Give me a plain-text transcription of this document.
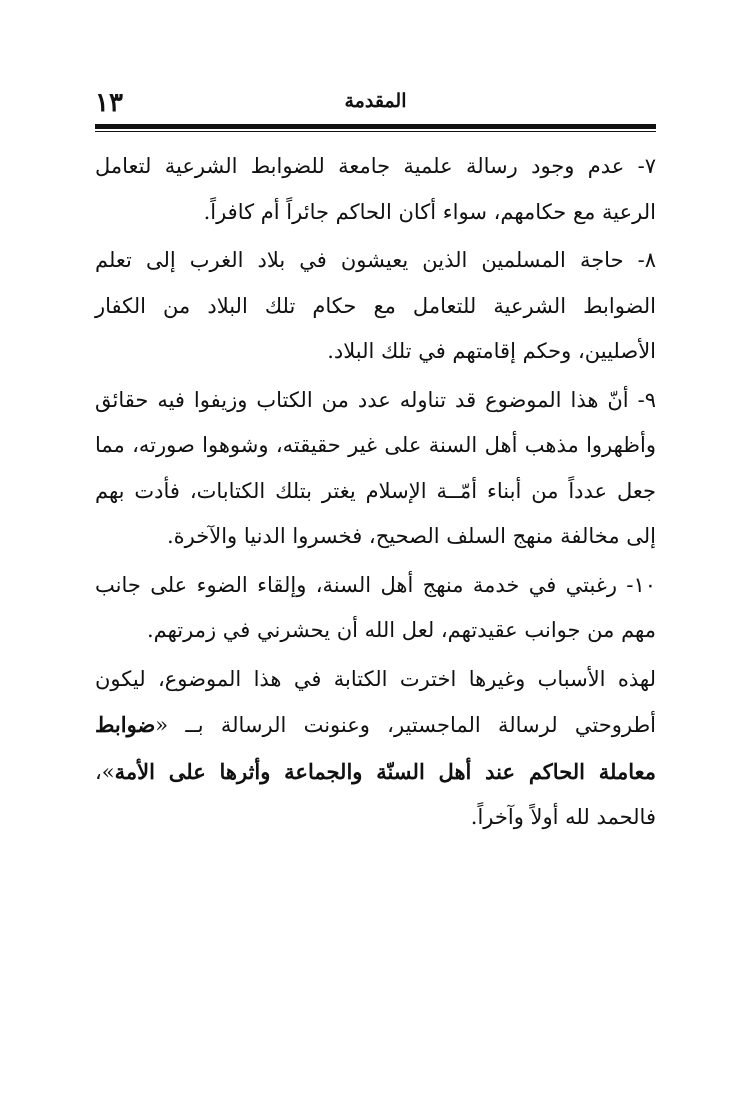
المقدمة
١٣

٧- عدم وجود رسالة علمية جامعة للضوابط الشرعية لتعامل الرعية مع حكامهم، سواء أكان الحاكم جائراً أم كافراً.

٨- حاجة المسلمين الذين يعيشون في بلاد الغرب إلى تعلم الضوابط الشرعية للتعامل مع حكام تلك البلاد من الكفار الأصليين، وحكم إقامتهم في تلك البلاد.

٩- أنّ هذا الموضوع قد تناوله عدد من الكتاب وزيفوا فيه حقائق وأظهروا مذهب أهل السنة على غير حقيقته، وشوهوا صورته، مما جعل عدداً من أبناء أمّــة الإسلام يغتر بتلك الكتابات، فأدت بهم إلى مخالفة منهج السلف الصحيح، فخسروا الدنيا والآخرة.

١٠- رغبتي في خدمة منهج أهل السنة، وإلقاء الضوء على جانب مهم من جوانب عقيدتهم، لعل الله أن يحشرني في زمرتهم.

لهذه الأسباب وغيرها اخترت الكتابة في هذا الموضوع، ليكون أطروحتي لرسالة الماجستير، وعنونت الرسالة بــ «ضوابط معاملة الحاكم عند أهل السنّة والجماعة وأثرها على الأمة»، فالحمد لله أولاً وآخراً.
